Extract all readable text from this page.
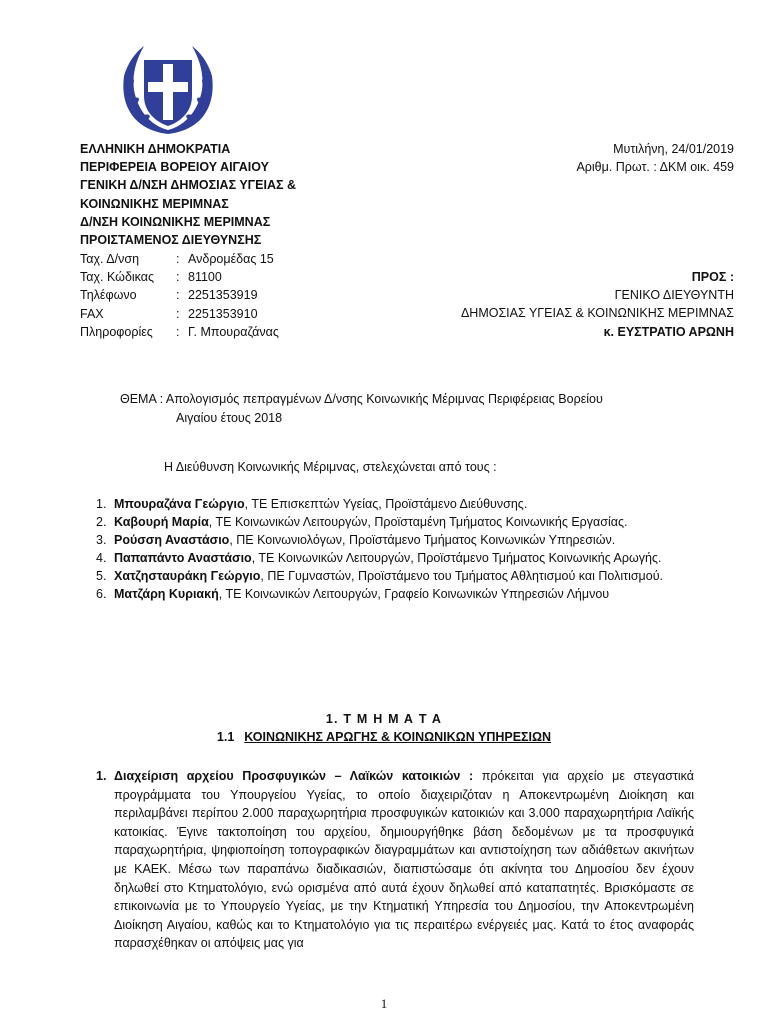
ΕΛΛΗΝΙΚΗ ΔΗΜΟΚΡΑΤΙΑ
ΠΕΡΙΦΕΡΕΙΑ ΒΟΡΕΙΟΥ ΑΙΓΑΙΟΥ
ΓΕΝΙΚΗ Δ/ΝΣΗ ΔΗΜΟΣΙΑΣ ΥΓΕΙΑΣ &
ΚΟΙΝΩΝΙΚΗΣ ΜΕΡΙΜΝΑΣ
Δ/ΝΣΗ ΚΟΙΝΩΝΙΚΗΣ ΜΕΡΙΜΝΑΣ
ΠΡΟΙΣΤΑΜΕΝΟΣ ΔΙΕΥΘΥΝΣΗΣ
Μυτιλήνη, 24/01/2019
Αριθμ. Πρωτ. : ΔΚΜ οικ. 459
Ταχ. Δ/νση	: Ανδρομέδας 15
Ταχ. Κώδικας	: 81100
Τηλέφωνο	: 2251353919
FAX	: 2251353910
Πληροφορίες	: Γ. Μπουραζάνας
ΠΡΟΣ :
ΓΕΝΙΚΟ ΔΙΕΥΘΥΝΤΗ
ΔΗΜΟΣΙΑΣ ΥΓΕΙΑΣ & ΚΟΙΝΩΝΙΚΗΣ ΜΕΡΙΜΝΑΣ
κ. ΕΥΣΤΡΑΤΙΟ ΑΡΩΝΗ
ΘΕΜΑ : Απολογισμός πεπραγμένων Δ/νσης Κοινωνικής Μέριμνας Περιφέρειας Βορείου
Αιγαίου έτους 2018
Η Διεύθυνση Κοινωνικής Μέριμνας, στελεχώνεται από τους :
1. Μπουραζάνα Γεώργιο, ΤΕ Επισκεπτών Υγείας, Προϊστάμενο Διεύθυνσης.
2. Καβουρή Μαρία, ΤΕ Κοινωνικών Λειτουργών, Προϊσταμένη Τμήματος Κοινωνικής Εργασίας.
3. Ρούσση Αναστάσιο, ΠΕ Κοινωνιολόγων, Προϊστάμενο Τμήματος Κοινωνικών Υπηρεσιών.
4. Παπαπάντο Αναστάσιο, ΤΕ Κοινωνικών Λειτουργών, Προϊστάμενο Τμήματος Κοινωνικής Αρωγής.
5. Χατζησταυράκη Γεώργιο, ΠΕ Γυμναστών, Προϊστάμενο του Τμήματος Αθλητισμού και Πολιτισμού.
6. Ματζάρη Κυριακή, ΤΕ Κοινωνικών Λειτουργών, Γραφείο Κοινωνικών Υπηρεσιών Λήμνου
1. Τ Μ Η Μ Α Τ Α
1.1 ΚΟΙΝΩΝΙΚΗΣ ΑΡΩΓΗΣ & ΚΟΙΝΩΝΙΚΩΝ ΥΠΗΡΕΣΙΩΝ
1. Διαχείριση αρχείου Προσφυγικών – Λαϊκών κατοικιών : πρόκειται για αρχείο με στεγαστικά προγράμματα του Υπουργείου Υγείας, το οποίο διαχειριζόταν η Αποκεντρωμένη Διοίκηση και περιλαμβάνει περίπου 2.000 παραχωρητήρια προσφυγικών κατοικιών και 3.000 παραχωρητήρια Λαϊκής κατοικίας. Έγινε τακτοποίηση του αρχείου, δημιουργήθηκε βάση δεδομένων με τα προσφυγικά παραχωρητήρια, ψηφιοποίηση τοπογραφικών διαγραμμάτων και αντιστοίχηση των αδιάθετων ακινήτων με ΚΑΕΚ. Μέσω των παραπάνω διαδικασιών, διαπιστώσαμε ότι ακίνητα του Δημοσίου δεν έχουν δηλωθεί στο Κτηματολόγιο, ενώ ορισμένα από αυτά έχουν δηλωθεί από καταπατητές. Βρισκόμαστε σε επικοινωνία με το Υπουργείο Υγείας, με την Κτηματική Υπηρεσία του Δημοσίου, την Αποκεντρωμένη Διοίκηση Αιγαίου, καθώς και το Κτηματολόγιο για τις περαιτέρω ενέργειές μας. Κατά το έτος αναφοράς παρασχέθηκαν οι απόψεις μας για
1
